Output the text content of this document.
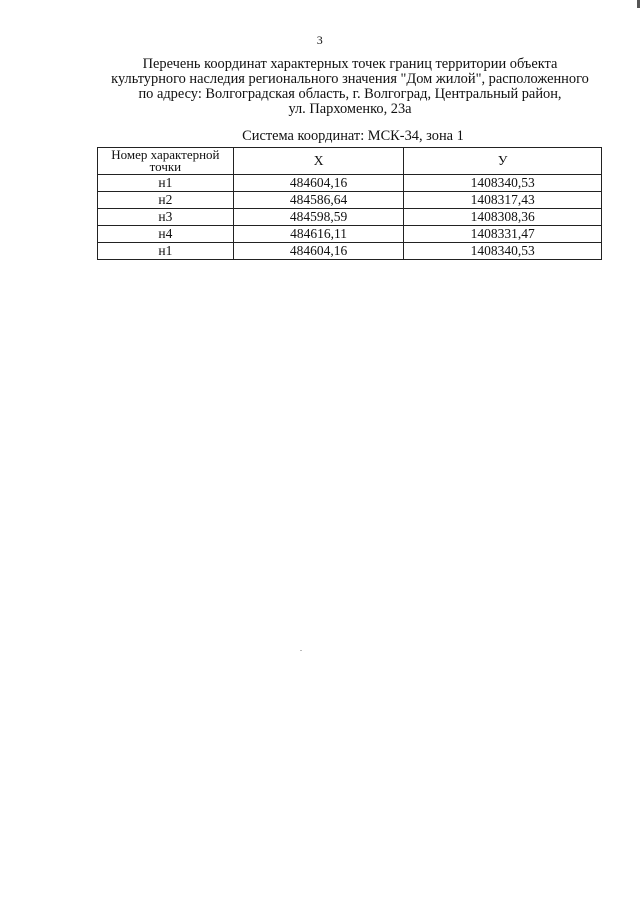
3
Перечень координат характерных точек границ территории объекта
культурного наследия регионального значения "Дом жилой", расположенного
по адресу: Волгоградская область, г. Волгоград, Центральный район,
ул. Пархоменко, 23а
Система координат: МСК-34, зона 1
Номер характерной точки	X	У
н1	484604,16	1408340,53
н2	484586,64	1408317,43
н3	484598,59	1408308,36
н4	484616,11	1408331,47
н1	484604,16	1408340,53
